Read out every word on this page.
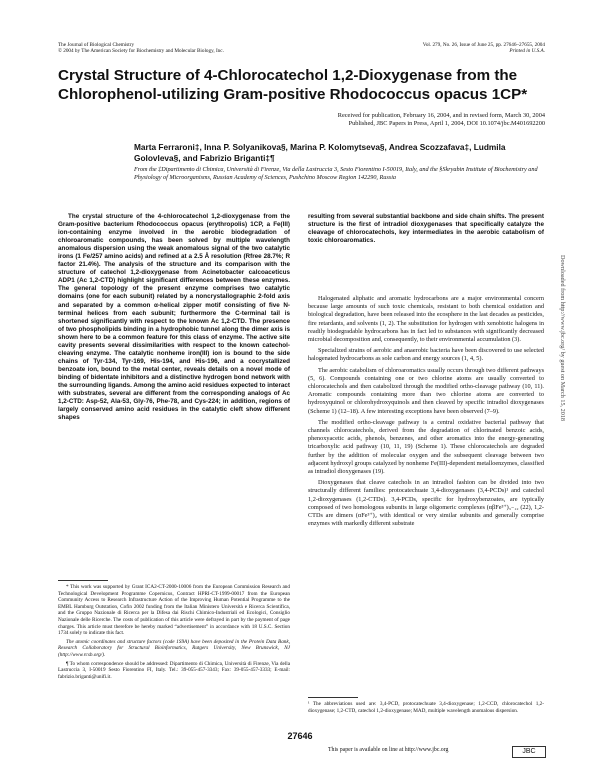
The Journal of Biological Chemistry
© 2004 by The American Society for Biochemistry and Molecular Biology, Inc.
Vol. 279, No. 26, Issue of June 25, pp. 27646–27655, 2004
Printed in U.S.A.
Crystal Structure of 4-Chlorocatechol 1,2-Dioxygenase from the Chlorophenol-utilizing Gram-positive Rhodococcus opacus 1CP*
Received for publication, February 16, 2004, and in revised form, March 30, 2004
Published, JBC Papers in Press, April 1, 2004, DOI 10.1074/jbc.M401692200
Marta Ferraroni‡, Inna P. Solyanikova§, Marina P. Kolomytseva§, Andrea Scozzafava‡, Ludmila Golovleva§, and Fabrizio Briganti‡¶
From the ‡Dipartimento di Chimica, Università di Firenze, Via della Lastruccia 3, Sesto Fiorentino I-50019, Italy, and the §Skryabin Institute of Biochemistry and Physiology of Microorganisms, Russian Academy of Sciences, Pushchino Moscow Region 142290, Russia
The crystal structure of the 4-chlorocatechol 1,2-dioxygenase from the Gram-positive bacterium Rhodococcus opacus (erythropolis) 1CP, a Fe(III) ion-containing enzyme involved in the aerobic biodegradation of chloroaromatic compounds, has been solved by multiple wavelength anomalous dispersion using the weak anomalous signal of the two catalytic irons (1 Fe/257 amino acids) and refined at a 2.5 Å resolution (Rfree 28.7%; R factor 21.4%). The analysis of the structure and its comparison with the structure of catechol 1,2-dioxygenase from Acinetobacter calcoaceticus ADP1 (Ac 1,2-CTD) highlight significant differences between these enzymes. The general topology of the present enzyme comprises two catalytic domains (one for each subunit) related by a noncrystallographic 2-fold axis and separated by a common α-helical zipper motif consisting of five N-terminal helices from each subunit; furthermore the C-terminal tail is shortened significantly with respect to the known Ac 1,2-CTD. The presence of two phospholipids binding in a hydrophobic tunnel along the dimer axis is shown here to be a common feature for this class of enzyme. The active site cavity presents several dissimilarities with respect to the known catechol-cleaving enzyme. The catalytic nonheme iron(III) ion is bound to the side chains of Tyr-134, Tyr-169, His-194, and His-196, and a cocrystallized benzoate ion, bound to the metal center, reveals details on a novel mode of binding of bidentate inhibitors and a distinctive hydrogen bond network with the surrounding ligands. Among the amino acid residues expected to interact with substrates, several are different from the corresponding analogs of Ac 1,2-CTD: Asp-52, Ala-53, Gly-76, Phe-78, and Cys-224; in addition, regions of largely conserved amino acid residues in the catalytic cleft show different shapes
resulting from several substantial backbone and side chain shifts. The present structure is the first of intradiol dioxygenases that specifically catalyze the cleavage of chlorocatechols, key intermediates in the aerobic catabolism of toxic chloroaromatics.

Halogenated aliphatic and aromatic hydrocarbons are a major environmental concern because large amounts of such toxic chemicals, resistant to both chemical oxidation and biological degradation, have been released into the ecosphere in the last decades as pesticides, fire retardants, and solvents (1, 2). The substitution for hydrogen with xenobiotic halogens in readily biodegradable hydrocarbons has in fact led to substances with significantly decreased microbial decomposition and, consequently, to their environmental accumulation (3).

Specialized strains of aerobic and anaerobic bacteria have been discovered to use selected halogenated hydrocarbons as sole carbon and energy sources (1, 4, 5).

The aerobic catabolism of chloroaromatics usually occurs through two different pathways (5, 6). Compounds containing one or two chlorine atoms are usually converted to chlorocatechols and then catabolized through the modified ortho-cleavage pathway (10, 11). Aromatic compounds containing more than two chlorine atoms are converted to hydroxyquinol or chlorohydroxyquinols and then cleaved by specific intradiol dioxygenases (Scheme 1) (12–18). A few interesting exceptions have been observed (7–9).

The modified ortho-cleavage pathway is a central oxidative bacterial pathway that channels chlorocatechols, derived from the degradation of chlorinated benzoic acids, phenoxyacetic acids, phenols, benzenes, and other aromatics into the energy-generating tricarboxylic acid pathway (10, 11, 19) (Scheme 1). These chlorocatechols are degraded further by the addition of molecular oxygen and the subsequent cleavage between two adjacent hydroxyl groups catalyzed by nonheme Fe(III)-dependent metalloenzymes, classified as intradiol dioxygenases (19).

Dioxygenases that cleave catechols in an intradiol fashion can be divided into two structurally different families: protocatechuate 3,4-dioxygenases (3,4-PCDs)¹ and catechol 1,2-dioxygenases (1,2-CTDs). 3,4-PCDs, specific for hydroxybenzoates, are typically composed of two homologous subunits in large oligomeric complexes (αβFe³⁺)₃₋₁₂ (22), 1,2-CTDs are dimers (αFe³⁺)₂ with identical or very similar subunits and generally comprise enzymes with markedly different substrate

* This work was supported by Grant ICA2-CT-2000-10006 from the European Commission Research and Technological Development Programme Copernicus, Contract HPRI-CT-1999-00017 from the European Community Access to Research Infrastructure Action of the Improving Human Potential Programme to the EMBL Hamburg Outstation, Cofin 2002 funding from the Italian Ministero Università e Ricerca Scientifica, and the Gruppo Nazionale di Ricerca per la Difesa dai Rischi Chimico-Industriali ed Ecologici, Consiglio Nazionale delle Ricerche. The costs of publication of this article were defrayed in part by the payment of page charges. This article must therefore be hereby marked “advertisement” in accordance with 18 U.S.C. Section 1734 solely to indicate this fact.

The atomic coordinates and structure factors (code 1S9A) have been deposited in the Protein Data Bank, Research Collaboratory for Structural Bioinformatics, Rutgers University, New Brunswick, NJ (http://www.rcsb.org/).

¶ To whom correspondence should be addressed: Dipartimento di Chimica, Università di Firenze, Via della Lastruccia 3, I-50019 Sesto Fiorentino FI, Italy. Tel.: 39-055-457-3343; Fax: 39-055-457-3333; E-mail: fabrizio.briganti@unifi.it.

¹ The abbreviations used are: 3,4-PCD, protocatechuate 3,4-dioxygenase; 1,2-CCD, chlorocatechol 1,2-dioxygenase; 1,2-CTD, catechol 1,2-dioxygenase; MAD, multiple wavelength anomalous dispersion.
27646
This paper is available on line at http://www.jbc.org	JBC
Downloaded from http://www.jbc.org/ by guest on March 15, 2018
